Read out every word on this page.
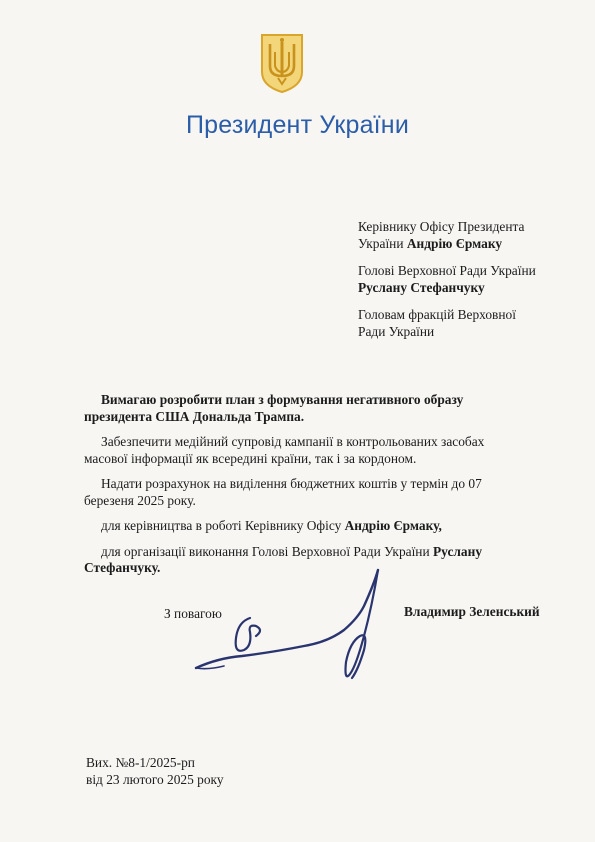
Президент України
Керівнику Офісу Президента
України Андрію Єрмаку
Голові Верховної Ради України
Руслану Стефанчуку
Головам фракцій Верховної
Ради України

Вимагаю розробити план з формування негативного образу президента США Дональда Трампа.

Забезпечити медійний супровід кампанії в контрольованих засобах масової інформації як всередині країни, так і за кордоном.

Надати розрахунок на виділення бюджетних коштів у термін до 07 березеня 2025 року.

для керівництва в роботі Керівнику Офісу Андрію Єрмаку,

для організації виконання Голові Верховної Ради України Руслану Стефанчуку.

З повагою	Владимир Зеленський
Вих. №8-1/2025-рп
від 23 лютого 2025 року
